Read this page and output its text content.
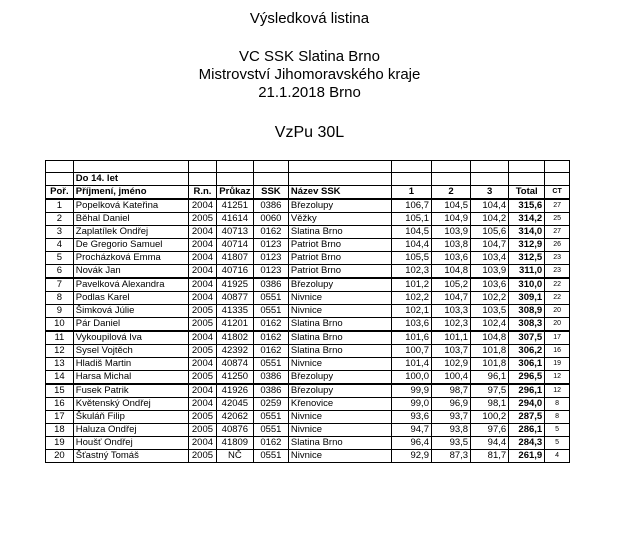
Výsledková listina
VC SSK Slatina Brno
Mistrovství Jihomoravského kraje
21.1.2018 Brno
VzPu 30L

	Do 14. let									
Poř.	Příjmení, jméno	R.n.	Průkaz	SSK	Název SSK	1	2	3	Total	CT
1	Popelková Kateřina	2004	41251	0386	Březolupy	106,7	104,5	104,4	315,6	27
2	Běhal Daniel	2005	41614	0060	Věžky	105,1	104,9	104,2	314,2	25
3	Zaplatílek Ondřej	2004	40713	0162	Slatina Brno	104,5	103,9	105,6	314,0	27
4	De Gregorio Samuel	2004	40714	0123	Patriot Brno	104,4	103,8	104,7	312,9	26
5	Procházková Emma	2004	41807	0123	Patriot Brno	105,5	103,6	103,4	312,5	23
6	Novák Jan	2004	40716	0123	Patriot Brno	102,3	104,8	103,9	311,0	23
7	Pavelková Alexandra	2004	41925	0386	Březolupy	101,2	105,2	103,6	310,0	22
8	Podlas Karel	2004	40877	0551	Nivnice	102,2	104,7	102,2	309,1	22
9	Šimková Júlie	2005	41335	0551	Nivnice	102,1	103,3	103,5	308,9	20
10	Pár Daniel	2005	41201	0162	Slatina Brno	103,6	102,3	102,4	308,3	20
11	Vykoupilová Iva	2004	41802	0162	Slatina Brno	101,6	101,1	104,8	307,5	17
12	Sysel Vojtěch	2005	42392	0162	Slatina Brno	100,7	103,7	101,8	306,2	16
13	Hladiš Martin	2004	40874	0551	Nivnice	101,4	102,9	101,8	306,1	19
14	Harsa Michal	2005	41250	0386	Březolupy	100,0	100,4	96,1	296,5	12
15	Fusek Patrik	2004	41926	0386	Březolupy	99,9	98,7	97,5	296,1	12
16	Květenský Ondřej	2004	42045	0259	Křenovice	99,0	96,9	98,1	294,0	8
17	Škuláň Filip	2005	42062	0551	Nivnice	93,6	93,7	100,2	287,5	8
18	Haluza Ondřej	2005	40876	0551	Nivnice	94,7	93,8	97,6	286,1	5
19	Houšť Ondřej	2004	41809	0162	Slatina Brno	96,4	93,5	94,4	284,3	5
20	Šťastný Tomáš	2005	NČ	0551	Nivnice	92,9	87,3	81,7	261,9	4
